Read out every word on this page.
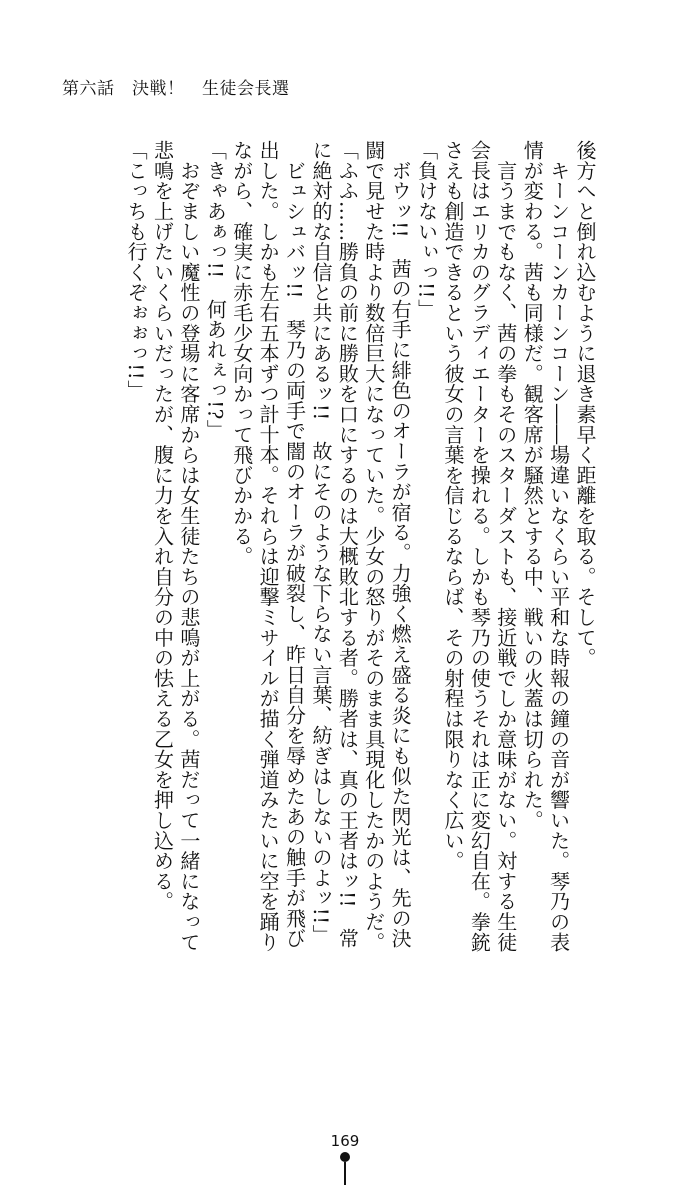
第六話　 決戦！　 生徒会長選

後方へと倒れ込むように退き素早く距離を取る。そして。

　キーンコーンカーンコーン――場違いなくらい平和な時報の鐘の音が響いた。琴乃の表

情が変わる。茜も同様だ。観客席が騒然とする中、戦いの火蓋は切られた。

　言うまでもなく、茜の拳もそのスターダストも、接近戦でしか意味がない。対する生徒

会長はエリカのグラディエーターを操れる。しかも琴乃の使うそれは正に変幻自在。拳銃

さえも創造できるという彼女の言葉を信じるならば、その射程は限りなく広い。

「負けないぃっ!!」

　ボウッ!!　茜の右手に緋色のオーラが宿る。力強く燃え盛る炎にも似た閃光は、先の決

闘で見せた時より数倍巨大になっていた。少女の怒りがそのまま具現化したかのようだ。

「ふふ……勝負の前に勝敗を口にするのは大概敗北する者。勝者は、真の王者はッ!!　常

に絶対的な自信と共にあるッ!!　故にそのような下らない言葉、紡ぎはしないのよッ!!」

　ビュシュバッ!!　琴乃の両手で闇のオーラが破裂し、昨日自分を辱めたあの触手が飛び

出した。しかも左右五本ずつ計十本。それらは迎撃ミサイルが描く弾道みたいに空を踊り

ながら、確実に赤毛少女向かって飛びかかる。

「きゃあぁっ!!　何あれぇっ!?」

　おぞましい魔性の登場に客席からは女生徒たちの悲鳴が上がる。茜だって一緒になって

悲鳴を上げたいくらいだったが、腹に力を入れ自分の中の怯える乙女を押し込める。

「こっちも行くぞぉぉっ!!」

169
